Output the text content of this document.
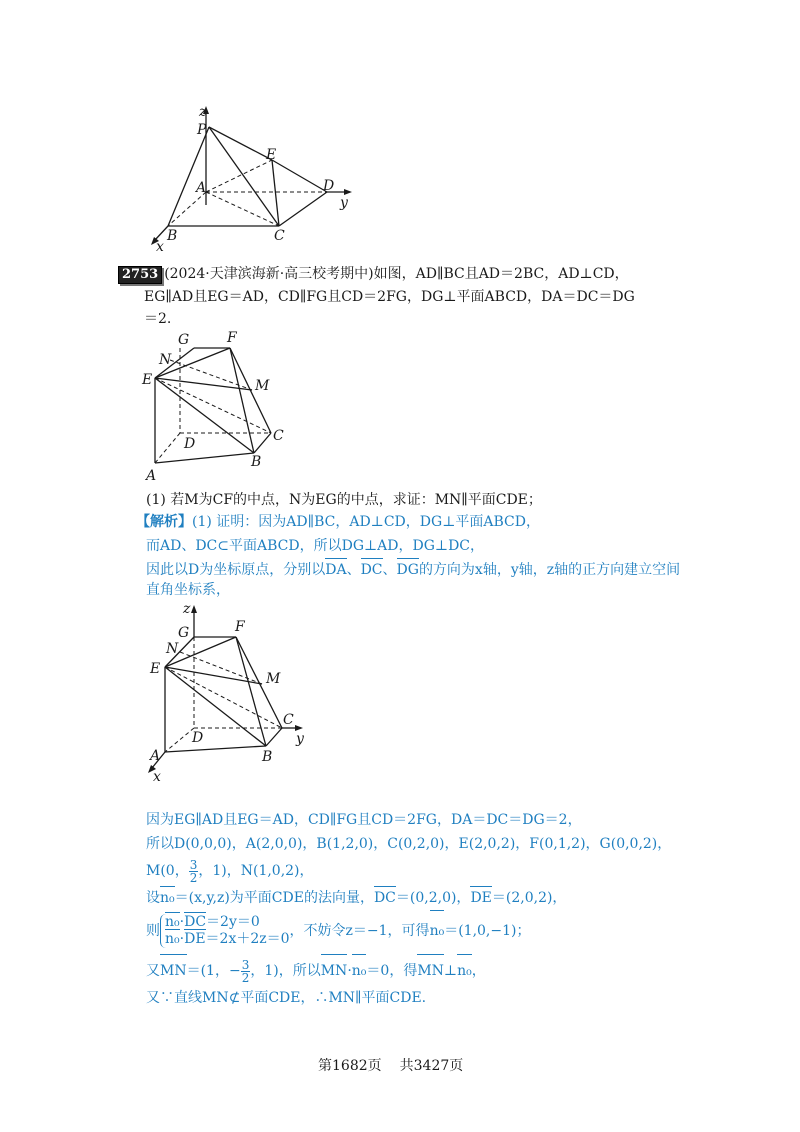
z
P
E
A	D
y
B	C
x
2753 (2024·天津滨海新·高三校考期中)如图，AD∥BC且AD＝2BC，AD⊥CD，
EG∥AD且EG＝AD，CD∥FG且CD＝2FG，DG⊥平面ABCD，DA＝DC＝DG
＝2.
G	F
N
E	M
D	C
A
B
(1) 若M为CF的中点，N为EG的中点，求证：MN∥平面CDE；
【解析】(1) 证明：因为AD∥BC，AD⊥CD，DG⊥平面ABCD，
而AD、DC⊂平面ABCD，所以DG⊥AD，DG⊥DC，
因此以D为坐标原点，分别以DA、DC、DG的方向为x轴，y轴，z轴的正方向建立空间
直角坐标系，
z
G	F
N
E
M
D
C
y
A	B
x
因为EG∥AD且EG＝AD，CD∥FG且CD＝2FG，DA＝DC＝DG＝2，
所以D(0,0,0)，A(2,0,0)，B(1,2,0)，C(0,2,0)，E(2,0,2)，F(0,1,2)，G(0,0,2)，
M(0， $\frac{3}{2}$ ，1)，N(1,0,2)，
设n₀＝(x,y,z)为平面CDE的法向量，DC＝(0,2,0)，DE＝(2,0,2)，
则
n₀·DC＝2y＝0
n₀·DE＝2x＋2z＝0 ，不妨令z＝−1，可得n₀＝(1,0,−1)；
又MN＝(1，− $\frac{3}{2}$ ，1)，所以MN·n₀＝0，得MN⊥n₀，
又∵直线MN⊄平面CDE，∴MN∥平面CDE.
第1682页 共3427页
